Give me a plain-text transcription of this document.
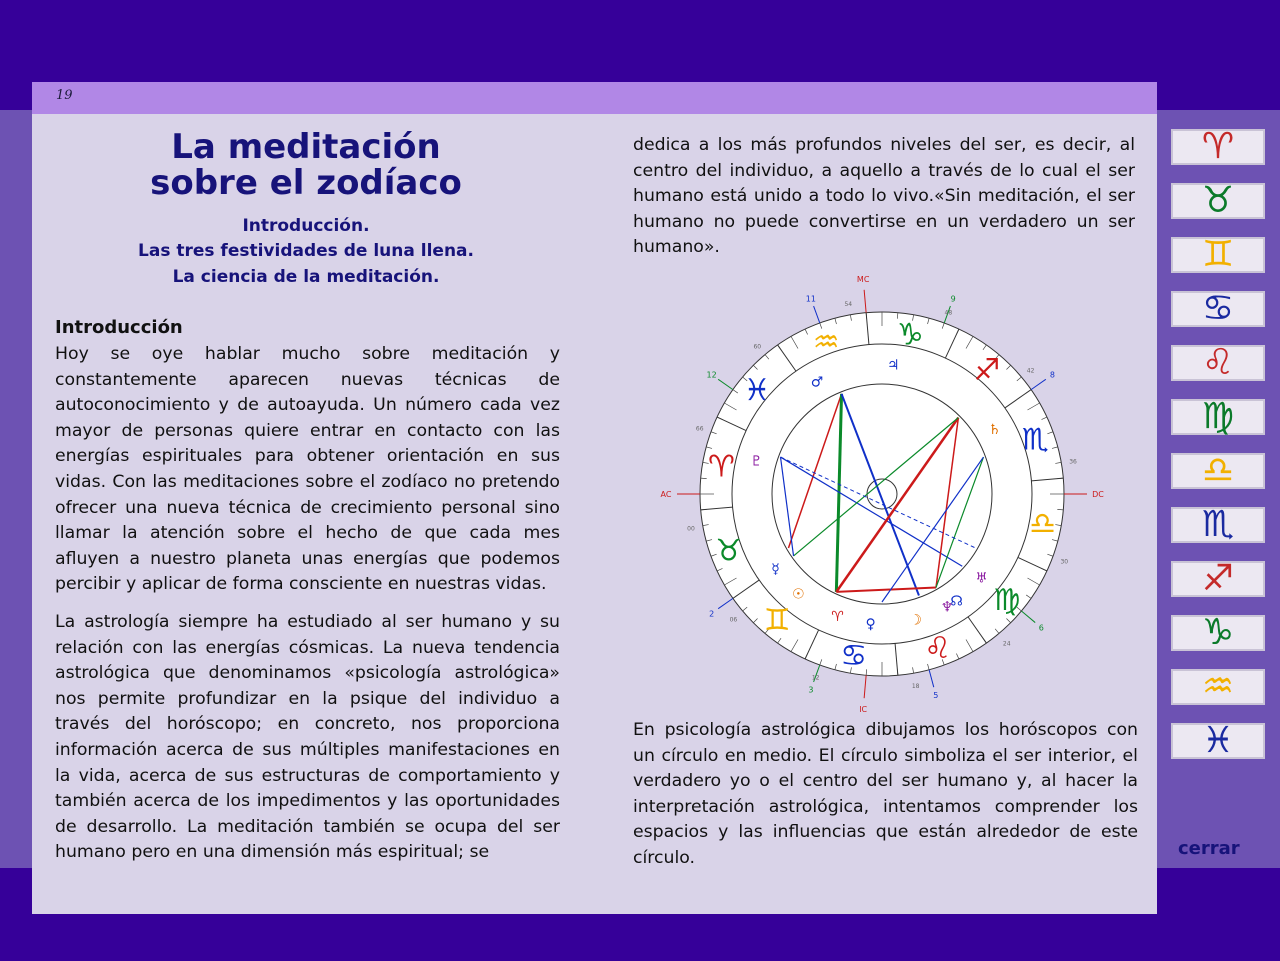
19
La meditación
sobre el zodíaco
Introducción.
Las tres festividades de luna llena.
La ciencia de la meditación.
Introducción

Hoy se oye hablar mucho sobre meditación y constantemente aparecen nuevas técnicas de autoconocimiento y de autoayuda. Un número cada vez mayor de personas quiere entrar en contacto con las energías espirituales para obtener orientación en sus vidas. Con las meditaciones sobre el zodíaco no pretendo ofrecer una nueva técnica de crecimiento personal sino llamar la atención sobre el hecho de que cada mes afluyen a nuestro planeta unas energías que podemos percibir y aplicar de forma consciente en nuestras vidas.

La astrología siempre ha estudiado al ser humano y su relación con las energías cósmicas. La nueva tendencia astrológica que denominamos «psicología astrológica» nos permite profundizar en la psique del individuo a través del horóscopo; en concreto, nos proporciona información acerca de sus múltiples manifestaciones en la vida, acerca de sus estructuras de comportamiento y también acerca de los impedimentos y las oportunidades de desarrollo. La meditación también se ocupa del ser humano pero en una dimensión más espiritual; se

dedica a los más profundos niveles del ser, es decir, al centro del individuo, a aquello a través de lo cual el ser humano está unido a todo lo vivo.«Sin meditación, el ser humano no puede convertirse en un verdadero un ser humano».

♑
♐
♏
♎
♍
♌
♋
♊
♉
♈
♓
♒
9
8
6
5
3
2
12
11
MC
DC
IC
AC
54
48
42
36
30
24
18
12
06
00
66
60
♂
♃
♄
♅
☊
♆
☽
♀
♈
☉
☿
♇

En psicología astrológica dibujamos los horóscopos con un círculo en medio. El círculo simboliza el ser interior, el verdadero yo o el centro del ser humano y, al hacer la interpretación astrológica, intentamos comprender los espacios y las influencias que están alrededor de este círculo.

♈
♉
♊
♋
♌
♍
♎
♏
♐
♑
♒
♓
cerrar
